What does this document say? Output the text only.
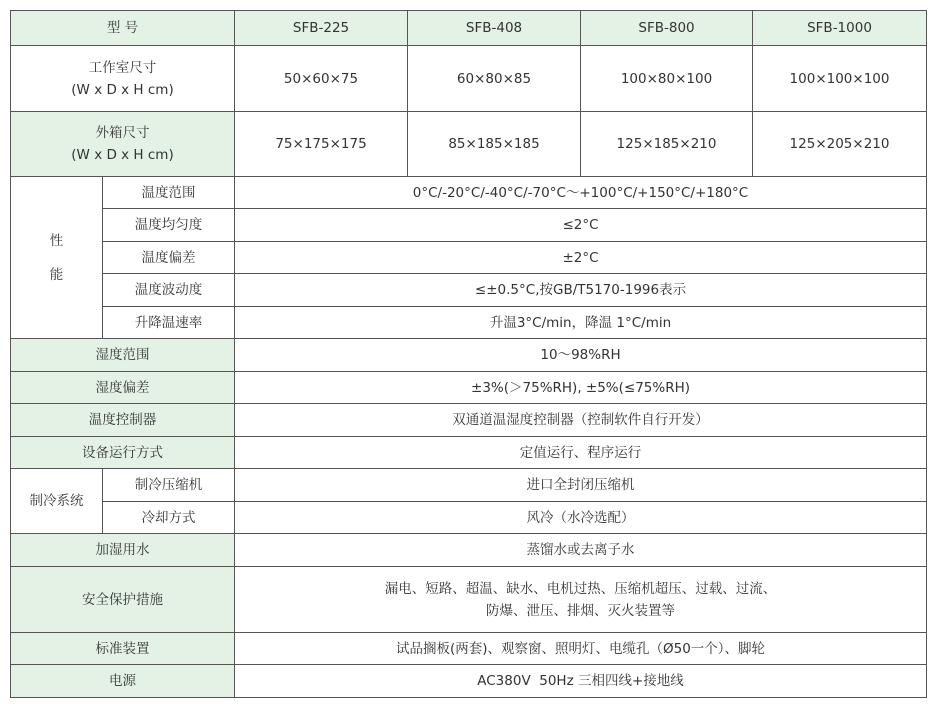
型 号		SFB-225	SFB-408	SFB-800	SFB-1000

工作室尺寸
(W x D x H cm)		50×60×75	60×80×85	100×80×100	100×100×100

外箱尺寸
(W x D x H cm)		75×175×175	85×185×185	125×185×210	125×205×210

性
能	温度范围	0°C/-20°C/-40°C/-70°C～+100°C/+150°C/+180°C			
	温度均匀度	≤2°C			
	温度偏差	±2°C			
	温度波动度	≤±0.5°C,按GB/T5170-1996表示			
	升降温速率	升温3°C/min，降温 1°C/min			
湿度范围		10～98%RH			
湿度偏差		±3%(＞75%RH), ±5%(≤75%RH)			
温度控制器		双通道温湿度控制器（控制软件自行开发）			
设备运行方式		定值运行、程序运行			
制冷系统	制冷压缩机	进口全封闭压缩机			
	冷却方式	风冷（水冷选配）			
加湿用水		蒸馏水或去离子水			
安全保护措施		漏电、短路、超温、缺水、电机过热、压缩机超压、过载、过流、
防爆、泄压、排烟、灭火装置等			

标准装置		试品搁板(两套)、观察窗、照明灯、电缆孔（Ø50一个）、脚轮			
电源		AC380V  50Hz 三相四线+接地线			
